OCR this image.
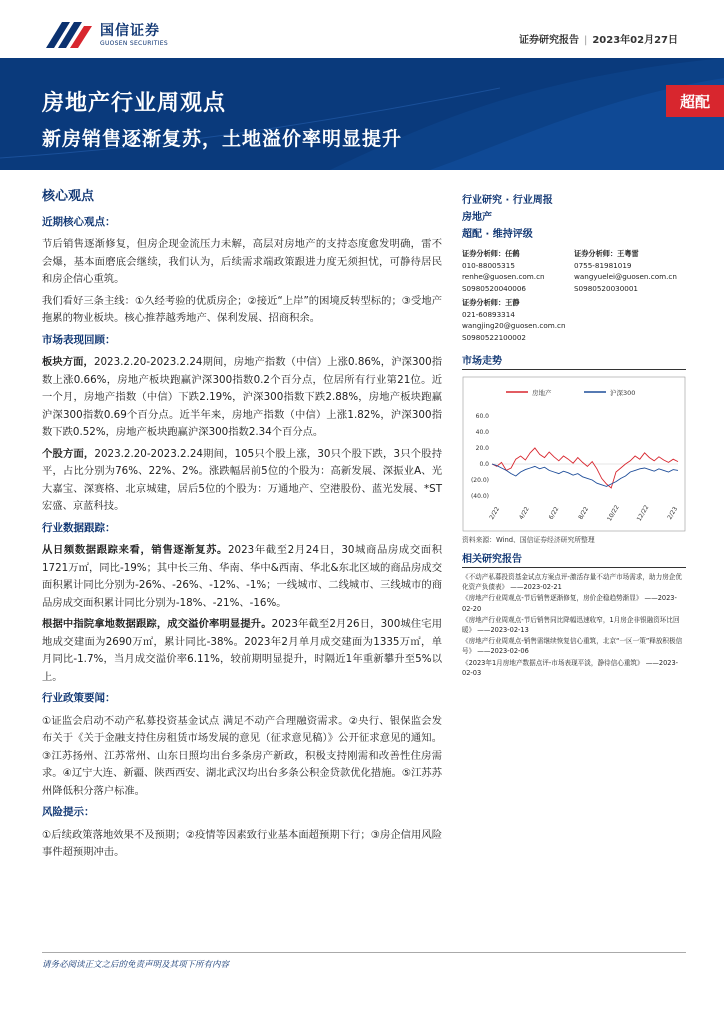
国信证券
GUOSEN SECURITIES	证券研究报告 | 2023年02月27日
房地产行业周观点
新房销售逐渐复苏，土地溢价率明显提升
超配
核心观点
近期核心观点：
节后销售逐渐修复，但房企现金流压力未解，高层对房地产的支持态度愈发明确，雷不会爆，基本面磨底会继续，我们认为，后续需求端政策跟进力度无须担忧，可静待居民和房企信心重筑。
我们看好三条主线：①久经考验的优质房企；②接近“上岸”的困境反转型标的；③受地产拖累的物业板块。核心推荐越秀地产、保利发展、招商积余。
市场表现回顾：
板块方面，2023.2.20-2023.2.24期间，房地产指数（中信）上涨0.86%，沪深300指数上涨0.66%，房地产板块跑赢沪深300指数0.2个百分点，位居所有行业第21位。近一个月，房地产指数（中信）下跌2.19%，沪深300指数下跌2.88%，房地产板块跑赢沪深300指数0.69个百分点。近半年来，房地产指数（中信）上涨1.82%，沪深300指数下跌0.52%，房地产板块跑赢沪深300指数2.34个百分点。
个股方面，2023.2.20-2023.2.24期间，105只个股上涨，30只个股下跌，3只个股持平，占比分别为76%、22%、2%。涨跌幅居前5位的个股为：高新发展、深振业A、光大嘉宝、深赛格、北京城建，居后5位的个股为：万通地产、空港股份、蓝光发展、*ST宏盛、京蓝科技。
行业数据跟踪：
从日频数据跟踪来看，销售逐渐复苏。2023年截至2月24日，30城商品房成交面积1721万㎡，同比-19%；其中长三角、华南、华中&西南、华北&东北区域的商品房成交面积累计同比分别为-26%、-26%、-12%、-1%；一线城市、二线城市、三线城市的商品房成交面积累计同比分别为-18%、-21%、-16%。
根据中指院拿地数据跟踪，成交溢价率明显提升。2023年截至2月26日，300城住宅用地成交建面为2690万㎡，累计同比-38%。2023年2月单月成交建面为1335万㎡，单月同比-1.7%，当月成交溢价率6.11%，较前期明显提升，时隔近1年重新攀升至5%以上。
行业政策要闻：
①证监会启动不动产私募投资基金试点 满足不动产合理融资需求。②央行、银保监会发布关于《关于金融支持住房租赁市场发展的意见（征求意见稿）》公开征求意见的通知。③江苏扬州、江苏常州、山东日照均出台多条房产新政，积极支持刚需和改善性住房需求。④辽宁大连、新疆、陕西西安、湖北武汉均出台多条公积金贷款优化措施。⑤江苏苏州降低积分落户标准。
风险提示：
①后续政策落地效果不及预期；②疫情等因素致行业基本面超预期下行；③房企信用风险事件超预期冲击。
行业研究 · 行业周报
房地产
超配 · 维持评级
证券分析师：任鹤
010-88005315
renhe@guosen.com.cn
S0980520040006
证券分析师：王粤雷
0755-81981019
wangyuelei@guosen.com.cn
S0980520030001
证券分析师：王静
021-60893314
wangjing20@guosen.com.cn
S0980522100002
市场走势
房地产	沪深300
60.0
40.0
20.0
0.0
(20.0)
(40.0)
2/22	4/22	6/22	8/22	10/22 12/22	2/23
资料来源：Wind、国信证券经济研究所整理
相关研究报告
《不动产私募投资基金试点方案点评-激活存量不动产市场需求，助力房企优化资产负债表》 ——2023-02-21
《房地产行业周观点-节后销售逐渐修复，房价企稳趋势渐显》 ——2023-02-20
《房地产行业周观点-节后销售同比降幅迅速收窄，1月房企非银融资环比回暖》 ——2023-02-13
《房地产行业周观点-销售需继续恢复信心重筑，北京“一区一策”释放积极信号》 ——2023-02-06
《2023年1月房地产数据点评-市场表现平淡，静待信心重筑》 ——2023-02-03
请务必阅读正文之后的免责声明及其项下所有内容
